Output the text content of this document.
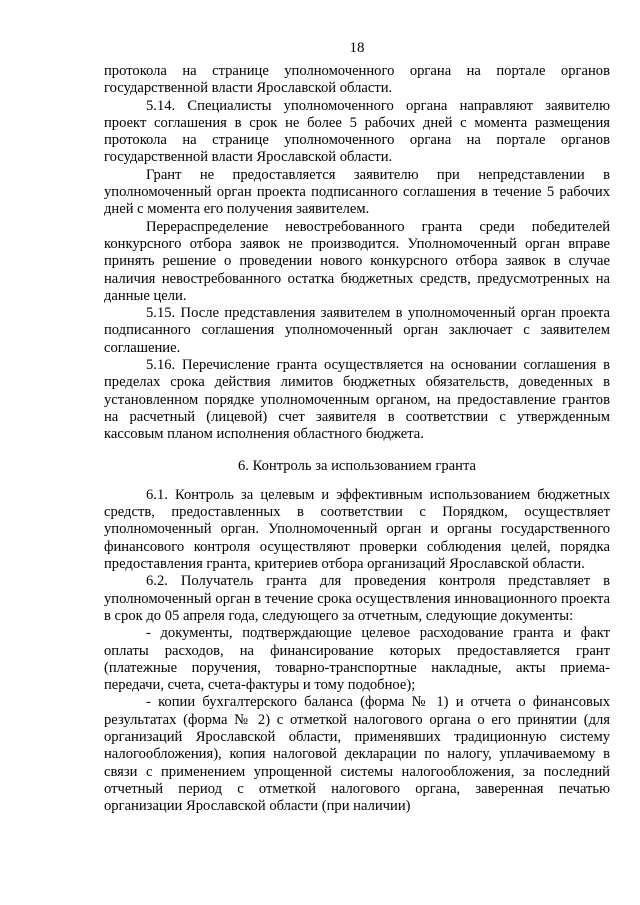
18

протокола на странице уполномоченного органа на портале органов государственной власти Ярославской области.

5.14. Специалисты уполномоченного органа направляют заявителю проект соглашения в срок не более 5 рабочих дней с момента размещения протокола на странице уполномоченного органа на портале органов государственной власти Ярославской области.

Грант не предоставляется заявителю при непредставлении в уполномоченный орган проекта подписанного соглашения в течение 5 рабочих дней с момента его получения заявителем.

Перераспределение невостребованного гранта среди победителей конкурсного отбора заявок не производится. Уполномоченный орган вправе принять решение о проведении нового конкурсного отбора заявок в случае наличия невостребованного остатка бюджетных средств, предусмотренных на данные цели.

5.15. После представления заявителем в уполномоченный орган проекта подписанного соглашения уполномоченный орган заключает с заявителем соглашение.

5.16. Перечисление гранта осуществляется на основании соглашения в пределах срока действия лимитов бюджетных обязательств, доведенных в установленном порядке уполномоченным органом, на предоставление грантов на расчетный (лицевой) счет заявителя в соответствии с утвержденным кассовым планом исполнения областного бюджета.

6. Контроль за использованием гранта

6.1. Контроль за целевым и эффективным использованием бюджетных средств, предоставленных в соответствии с Порядком, осуществляет уполномоченный орган. Уполномоченный орган и органы государственного финансового контроля осуществляют проверки соблюдения целей, порядка предоставления гранта, критериев отбора организаций Ярославской области.

6.2. Получатель гранта для проведения контроля представляет в уполномоченный орган в течение срока осуществления инновационного проекта в срок до 05 апреля года, следующего за отчетным, следующие документы:

- документы, подтверждающие целевое расходование гранта и факт оплаты расходов, на финансирование которых предоставляется грант (платежные поручения, товарно-транспортные накладные, акты приема-передачи, счета, счета-фактуры и тому подобное);

- копии бухгалтерского баланса (форма № 1) и отчета о финансовых результатах (форма № 2) с отметкой налогового органа о его принятии (для организаций Ярославской области, применявших традиционную систему налогообложения), копия налоговой декларации по налогу, уплачиваемому в связи с применением упрощенной системы налогообложения, за последний отчетный период с отметкой налогового органа, заверенная печатью организации Ярославской области (при наличии)
